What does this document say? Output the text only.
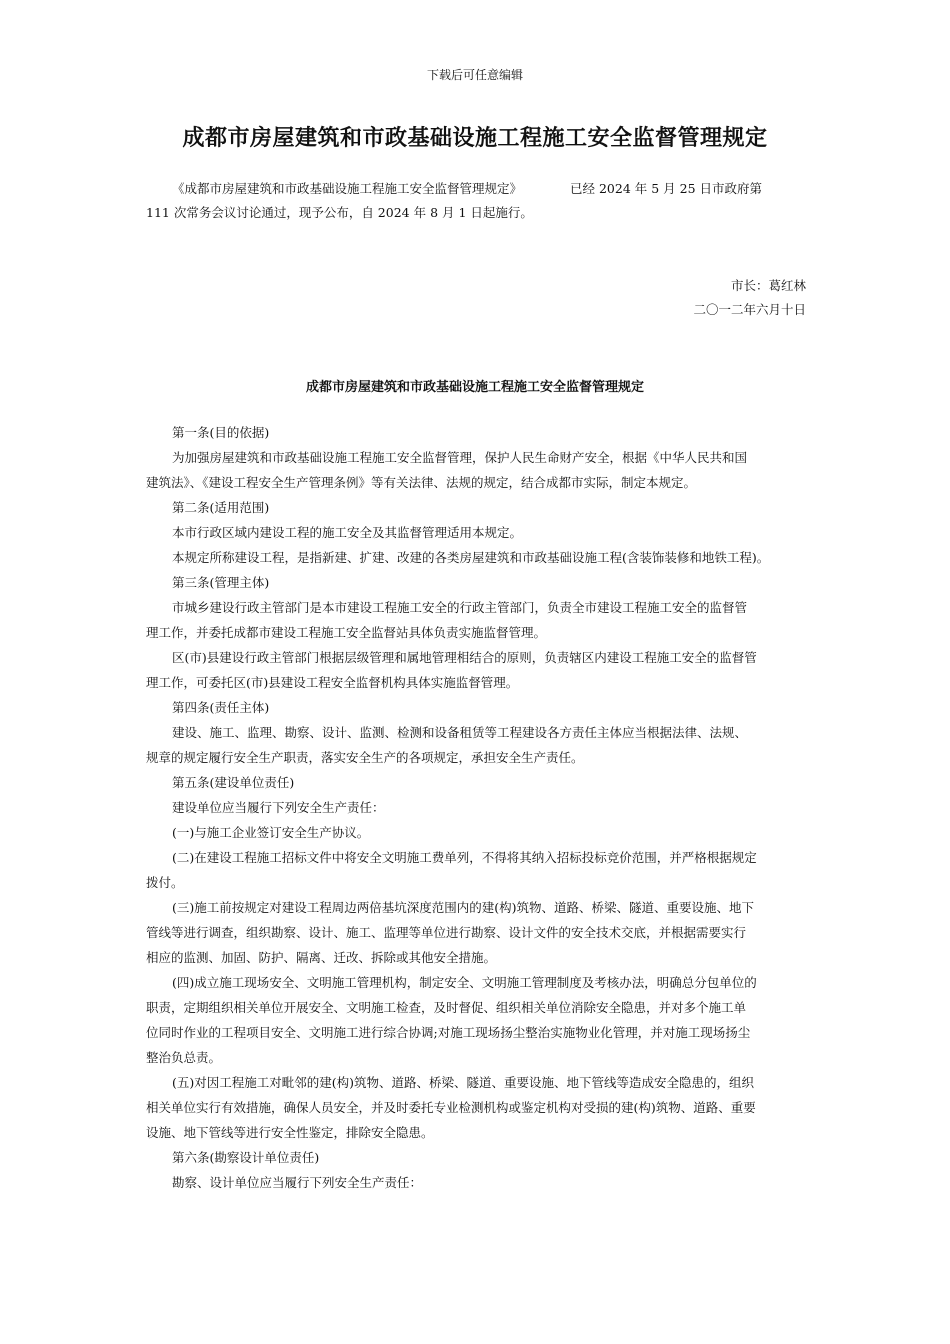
下载后可任意编辑
成都市房屋建筑和市政基础设施工程施工安全监督管理规定
《成都市房屋建筑和市政基础设施工程施工安全监督管理规定》	已经 2024 年 5 月 25 日市政府第
111 次常务会议讨论通过，现予公布，自 2024 年 8 月 1 日起施行。
市长：葛红林
二〇一二年六月十日
成都市房屋建筑和市政基础设施工程施工安全监督管理规定

第一条(目的依据)

为加强房屋建筑和市政基础设施工程施工安全监督管理，保护人民生命财产安全，根据《中华人民共和国

建筑法》、《建设工程安全生产管理条例》等有关法律、法规的规定，结合成都市实际，制定本规定。

第二条(适用范围)

本市行政区域内建设工程的施工安全及其监督管理适用本规定。

本规定所称建设工程，是指新建、扩建、改建的各类房屋建筑和市政基础设施工程(含装饰装修和地铁工程)。

第三条(管理主体)

市城乡建设行政主管部门是本市建设工程施工安全的行政主管部门，负责全市建设工程施工安全的监督管

理工作，并委托成都市建设工程施工安全监督站具体负责实施监督管理。

区(市)县建设行政主管部门根据层级管理和属地管理相结合的原则，负责辖区内建设工程施工安全的监督管

理工作，可委托区(市)县建设工程安全监督机构具体实施监督管理。

第四条(责任主体)

建设、施工、监理、勘察、设计、监测、检测和设备租赁等工程建设各方责任主体应当根据法律、法规、

规章的规定履行安全生产职责，落实安全生产的各项规定，承担安全生产责任。

第五条(建设单位责任)

建设单位应当履行下列安全生产责任：

(一)与施工企业签订安全生产协议。

(二)在建设工程施工招标文件中将安全文明施工费单列，不得将其纳入招标投标竞价范围，并严格根据规定

拨付。

(三)施工前按规定对建设工程周边两倍基坑深度范围内的建(构)筑物、道路、桥梁、隧道、重要设施、地下

管线等进行调查，组织勘察、设计、施工、监理等单位进行勘察、设计文件的安全技术交底，并根据需要实行

相应的监测、加固、防护、隔离、迁改、拆除或其他安全措施。

(四)成立施工现场安全、文明施工管理机构，制定安全、文明施工管理制度及考核办法，明确总分包单位的

职责，定期组织相关单位开展安全、文明施工检查，及时督促、组织相关单位消除安全隐患，并对多个施工单

位同时作业的工程项目安全、文明施工进行综合协调;对施工现场扬尘整治实施物业化管理，并对施工现场扬尘

整治负总责。

(五)对因工程施工对毗邻的建(构)筑物、道路、桥梁、隧道、重要设施、地下管线等造成安全隐患的，组织

相关单位实行有效措施，确保人员安全，并及时委托专业检测机构或鉴定机构对受损的建(构)筑物、道路、重要

设施、地下管线等进行安全性鉴定，排除安全隐患。

第六条(勘察设计单位责任)

勘察、设计单位应当履行下列安全生产责任：
